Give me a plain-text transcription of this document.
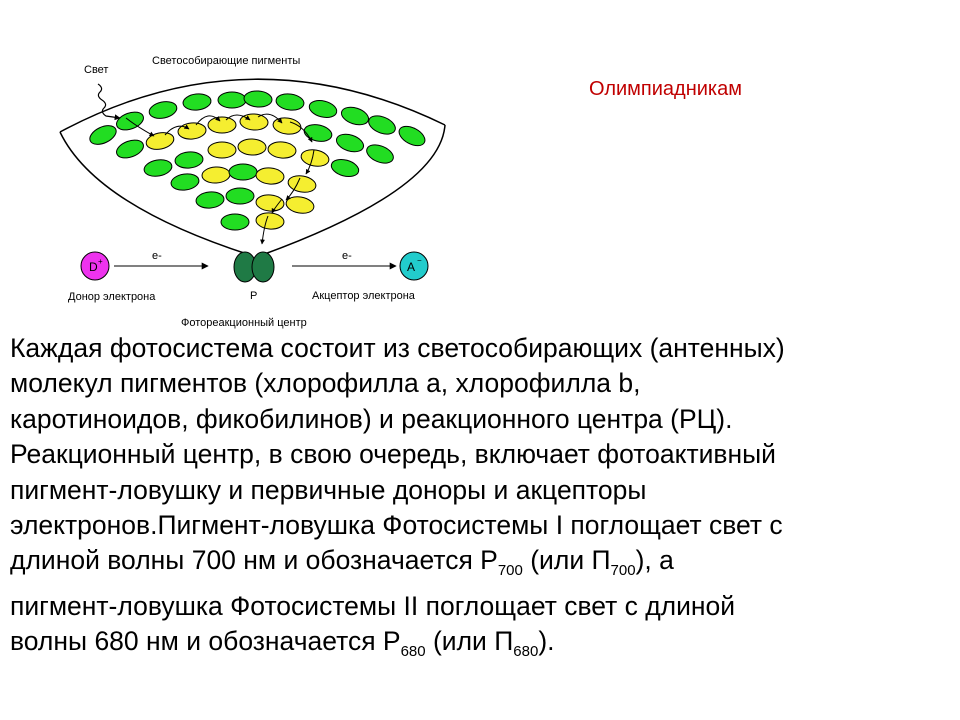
D +	A −
Свет
Светособирающие пигменты
e-	e-
P
Донор электрона	Акцептор электрона
Фотореакционный центр
Олимпиадникам
Каждая фотосистема состоит из светособирающих (антенных)
молекул пигментов (хлорофилла а, хлорофилла b,
каротиноидов, фикобилинов) и реакционного центра (РЦ).
Реакционный центр, в свою очередь, включает фотоактивный
пигмент-ловушку и первичные доноры и акцепторы
электронов.Пигмент-ловушка Фотосистемы I поглощает свет с
длиной волны 700 нм и обозначается $Р_{700}$ (или $П_{700}$), а
пигмент-ловушка Фотосистемы II поглощает свет с длиной
волны 680 нм и обозначается $Р_{680}$ (или $П_{680}$).
